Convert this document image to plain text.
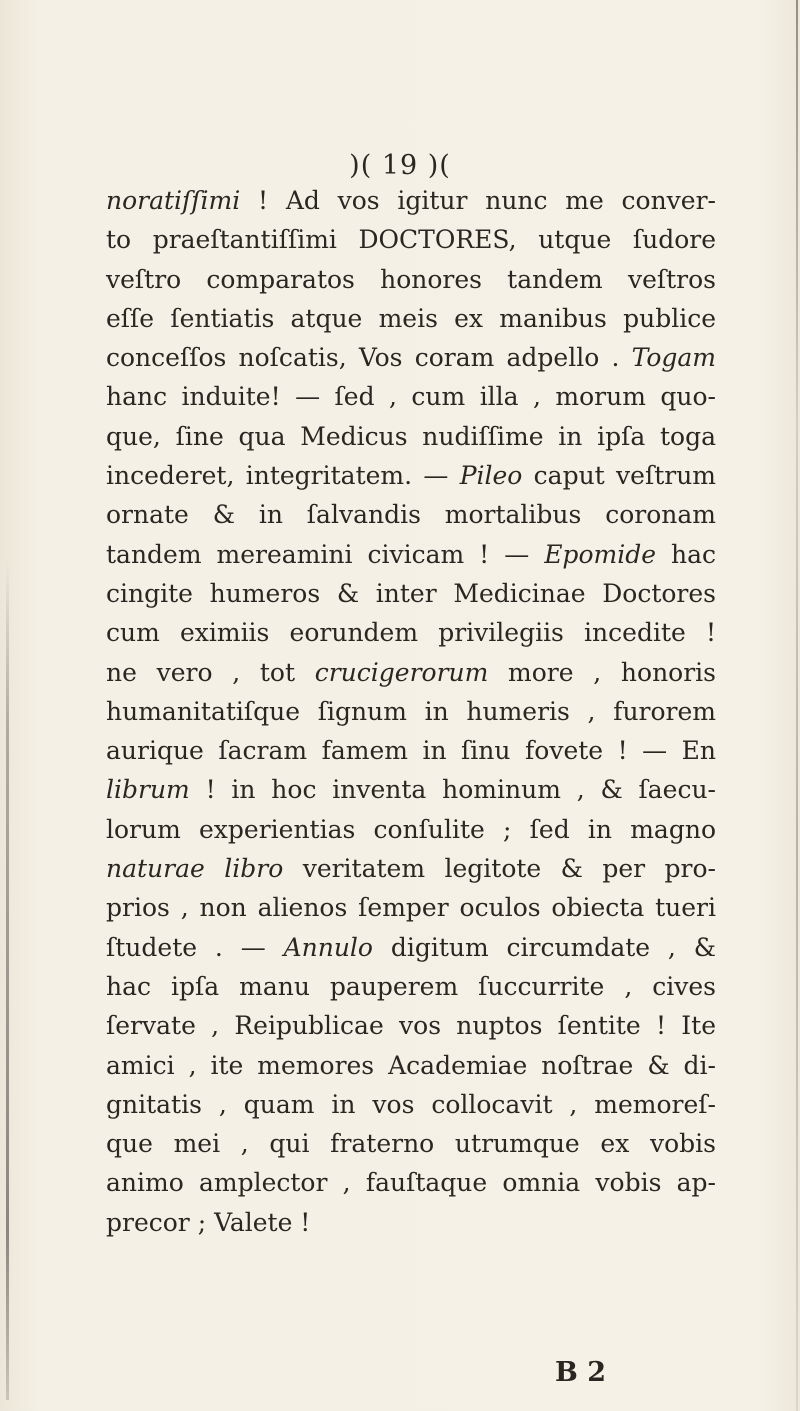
)( 19 )(
noratiſſimi ! Ad vos igitur nunc me conver-
to praeſtantiſſimi DOCTORES, utque ſudore
veſtro comparatos honores tandem veſtros
eſſe ſentiatis atque meis ex manibus publice
conceſſos noſcatis, Vos coram adpello . Togam
hanc induite! — ſed , cum illa , morum quo-
que, ſine qua Medicus nudiſſime in ipſa toga
incederet, integritatem. — Pileo caput veſtrum
ornate & in ſalvandis mortalibus coronam
tandem mereamini civicam ! — Epomide hac
cingite humeros & inter Medicinae Doctores
cum eximiis eorundem privilegiis incedite !
ne vero , tot crucigerorum more , honoris
humanitatiſque ſignum in humeris , furorem
aurique ſacram famem in ſinu fovete ! — En
librum ! in hoc inventa hominum , & ſaecu-
lorum experientias conſulite ; ſed in magno
naturae libro veritatem legitote & per pro-
prios , non alienos ſemper oculos obiecta tueri
ſtudete . — Annulo digitum circumdate , &
hac ipſa manu pauperem ſuccurrite , cives
ſervate , Reipublicae vos nuptos ſentite ! Ite
amici , ite memores Academiae noſtrae & di-
gnitatis , quam in vos collocavit , memoreſ-
que mei , qui fraterno utrumque ex vobis
animo amplector , fauſtaque omnia vobis ap-
precor ; Valete !
B 2
